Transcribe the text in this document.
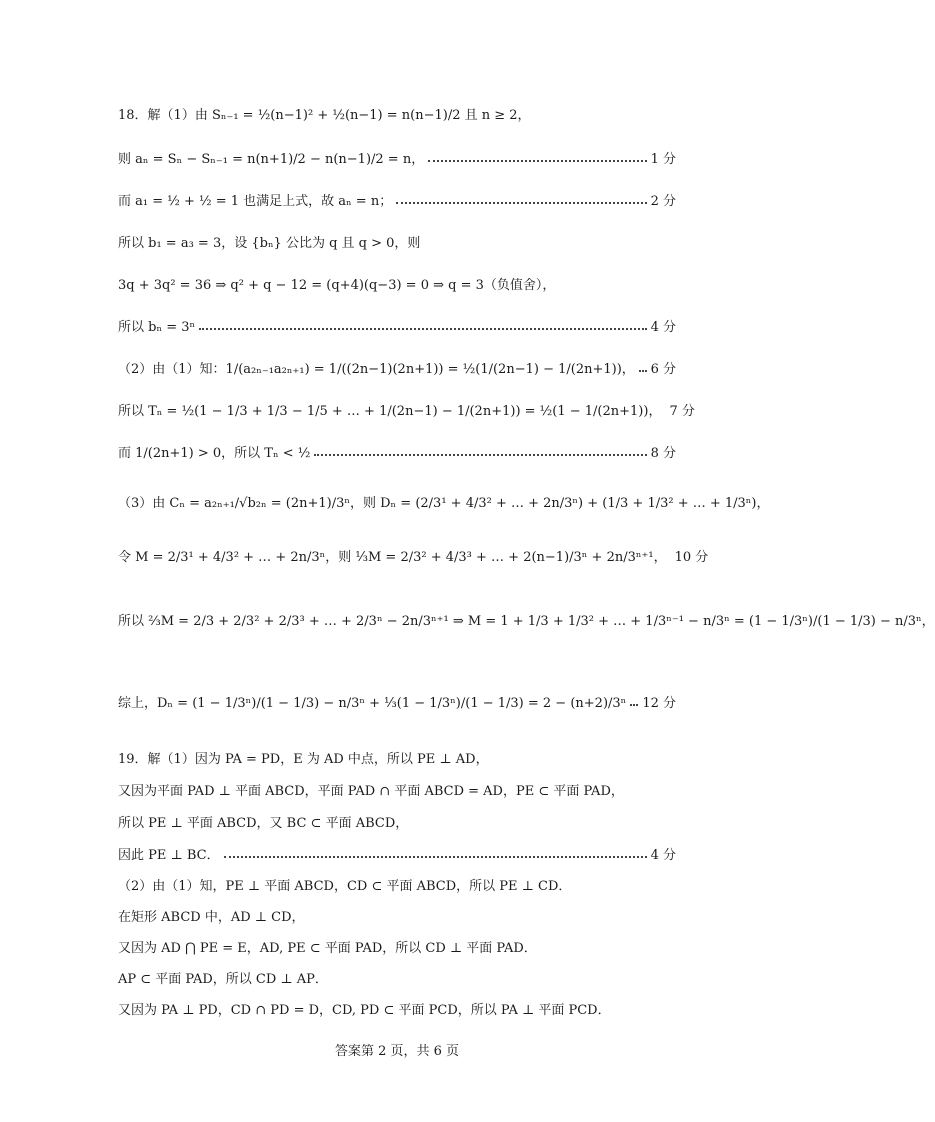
18．解（1）由 Sₙ₋₁ = ½(n−1)² + ½(n−1) = n(n−1)/2 且 n ≥ 2，
则 aₙ = Sₙ − Sₙ₋₁ = n(n+1)/2 − n(n−1)/2 = n，	1 分
而 a₁ = ½ + ½ = 1 也满足上式，故 aₙ = n；	2 分
所以 b₁ = a₃ = 3，设 {bₙ} 公比为 q 且 q > 0，则
3q + 3q² = 36 ⇒ q² + q − 12 = (q+4)(q−3) = 0 ⇒ q = 3（负值舍），
所以 bₙ = 3ⁿ	4 分
（2）由（1）知：1/(a₂ₙ₋₁a₂ₙ₊₁) = 1/((2n−1)(2n+1)) = ½(1/(2n−1) − 1/(2n+1))， 6 分
所以 Tₙ = ½(1 − 1/3 + 1/3 − 1/5 + … + 1/(2n−1) − 1/(2n+1)) = ½(1 − 1/(2n+1))， 7 分
而 1/(2n+1) > 0，所以 Tₙ < ½	8 分
（3）由 Cₙ = a₂ₙ₊₁/√b₂ₙ = (2n+1)/3ⁿ，则 Dₙ = (2/3¹ + 4/3² + … + 2n/3ⁿ) + (1/3 + 1/3² + … + 1/3ⁿ)，
令 M = 2/3¹ + 4/3² + … + 2n/3ⁿ，则 ⅓M = 2/3² + 4/3³ + … + 2(n−1)/3ⁿ + 2n/3ⁿ⁺¹， 10 分
所以 ⅔M = 2/3 + 2/3² + 2/3³ + … + 2/3ⁿ − 2n/3ⁿ⁺¹ ⇒ M = 1 + 1/3 + 1/3² + … + 1/3ⁿ⁻¹ − n/3ⁿ = (1 − 1/3ⁿ)/(1 − 1/3) − n/3ⁿ，
综上，Dₙ = (1 − 1/3ⁿ)/(1 − 1/3) − n/3ⁿ + ⅓(1 − 1/3ⁿ)/(1 − 1/3) = 2 − (n+2)/3ⁿ 12 分
19．解（1）因为 PA = PD，E 为 AD 中点，所以 PE ⊥ AD，
又因为平面 PAD ⊥ 平面 ABCD，平面 PAD ∩ 平面 ABCD = AD，PE ⊂ 平面 PAD，
所以 PE ⊥ 平面 ABCD，又 BC ⊂ 平面 ABCD，
因此 PE ⊥ BC．	4 分
（2）由（1）知，PE ⊥ 平面 ABCD，CD ⊂ 平面 ABCD，所以 PE ⊥ CD．
在矩形 ABCD 中，AD ⊥ CD，
又因为 AD ⋂ PE = E，AD, PE ⊂ 平面 PAD，所以 CD ⊥ 平面 PAD．
AP ⊂ 平面 PAD，所以 CD ⊥ AP．
又因为 PA ⊥ PD，CD ∩ PD = D，CD, PD ⊂ 平面 PCD，所以 PA ⊥ 平面 PCD．
答案第 2 页，共 6 页
